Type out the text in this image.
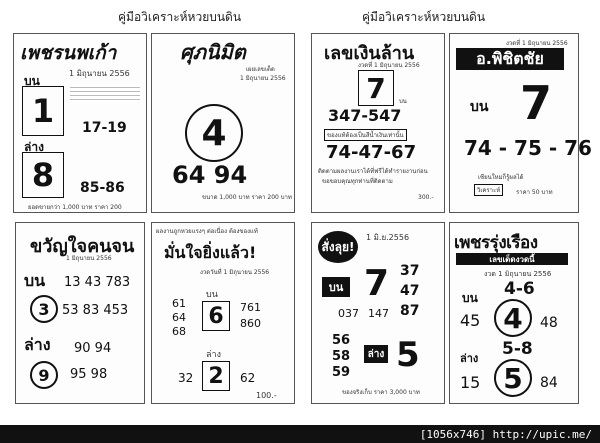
คู่มือวิเคราะห์หวยบนดิน	คู่มือวิเคราะห์หวยบนดิน
เพชรนพเก้า
1 มิถุนายน 2556
บน
1	17-19
ล่าง
8	85-86
ยอดขายกว่า 1,000 บาท ราคา 200
ศุภนิมิต
เผยเลขเด็ด
1 มิถุนายน 2556
4
64 94
ขนาด 1,000 บาท ราคา 200 บาท
เลขเงินล้าน
งวดที่ 1 มิถุนายน 2556
7	บน
347-547
ของแท้ต้องเป็นสีน้ำเงินเท่านั้น
74-47-67
ติดตามผลงานเราได้ที่ฟรีได้ทำรายงานก่อน
ขอขอบคุณทุกท่านที่ติดตาม
300.-
งวดที่ 1 มิถุนายน 2556
อ.พิชิตชัย
บน 7
74 - 75 - 76
เซียนใหม่ก็รู้ผลได้
วิเคราะห์	ราคา 50 บาท
ขวัญใจคนจน
1 มิถุนายน 2556
บน 13 43 783
3 53 83 453
ล่าง 90 94
9	95 98
ผลงานถูกหวยแรงๆ ต่อเนื่อง ต้องของแท้
มั่นใจยิ่งแล้ว!
งวดวันที่ 1 มิถุนายน 2556
บน
61
64
68
6	761
860
ล่าง
32 2	62
100.-
สั่งลุย!
1 มิ.ย.2556
บน 7 37
47
87
037 147
56
58
59
ล่าง 5
ของจริงเก็บ ราคา 3,000 บาท
เพชรรุ่งเรือง
เลขเด็ดงวดนี้
งวด 1 มิถุนายน 2556
บน 4-6
45 4	48
ล่าง 5-8
15 5	84
[1056x746] http://upic.me/
